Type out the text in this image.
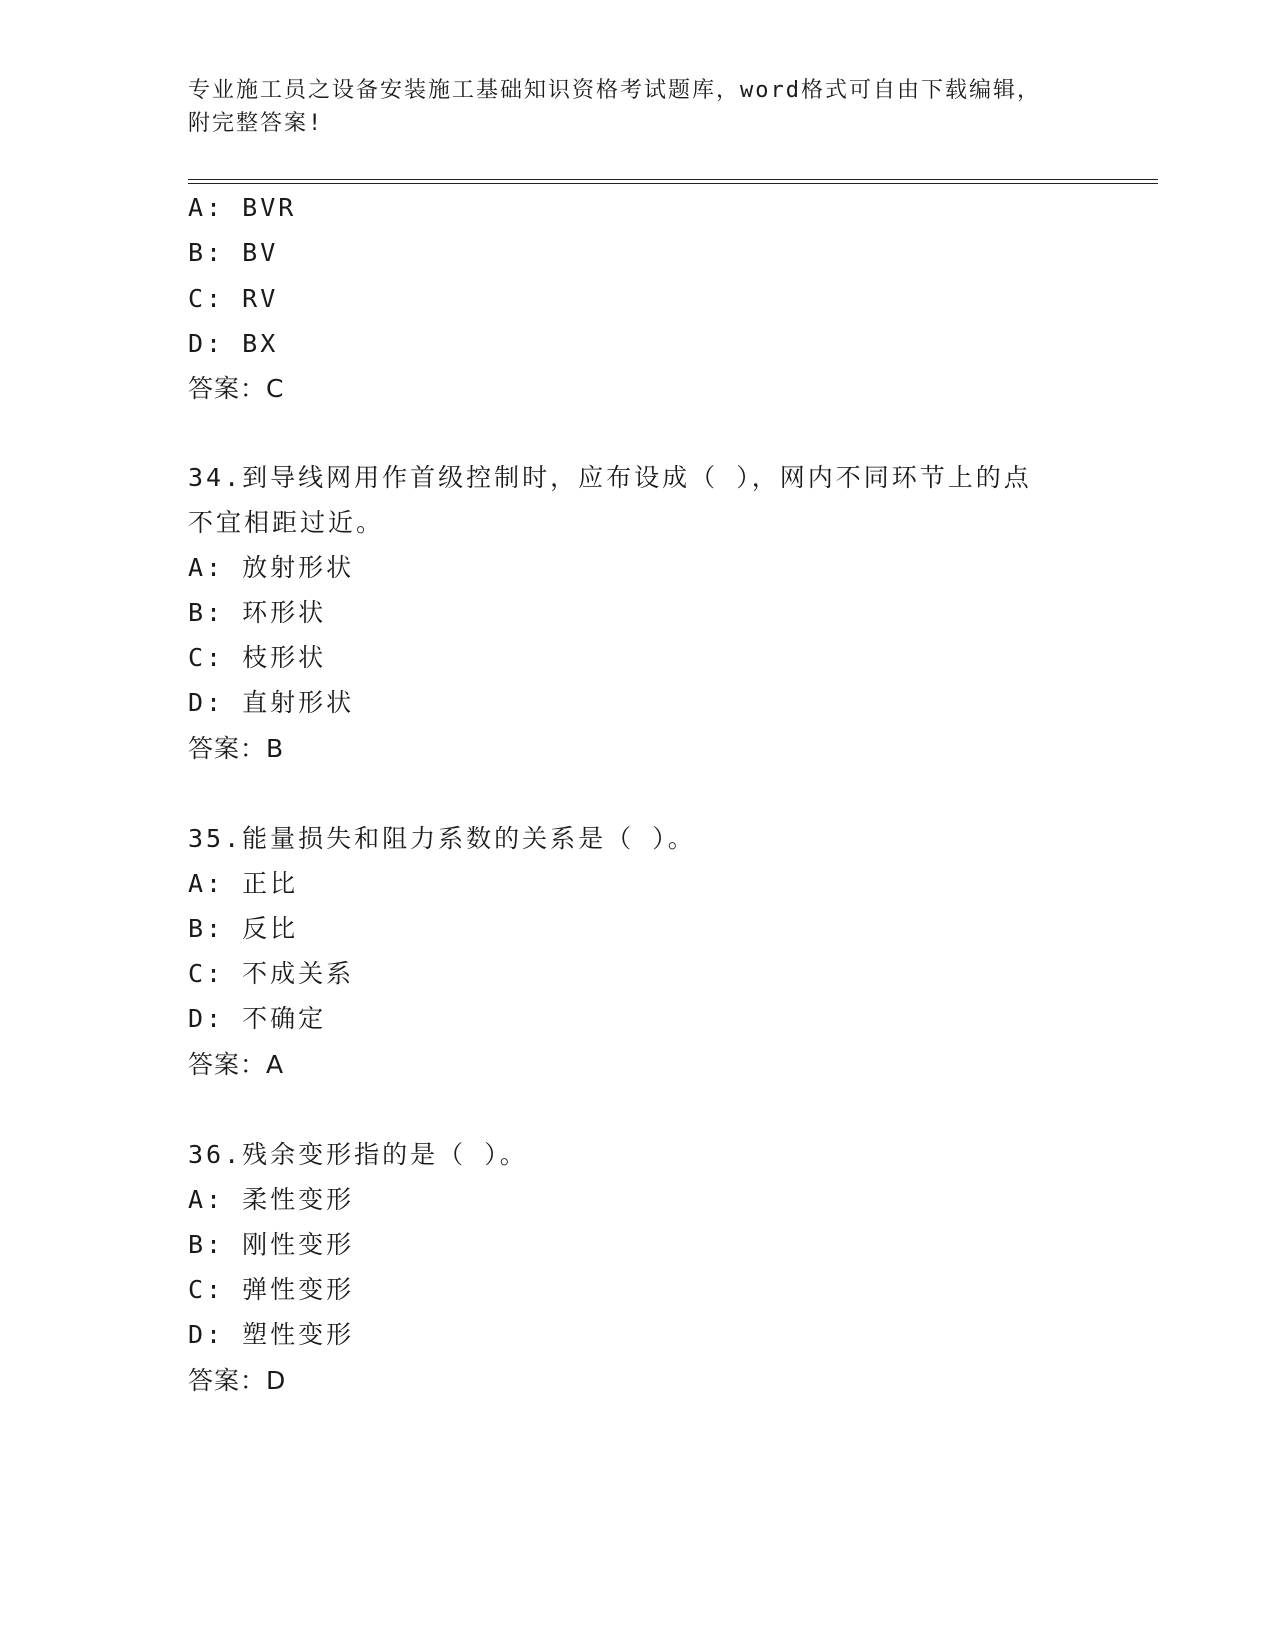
专业施工员之设备安装施工基础知识资格考试题库，word格式可自由下载编辑，
附完整答案!
A: BVR
B: BV
C: RV
D: BX
答案：C
34.到导线网用作首级控制时，应布设成（ ），网内不同环节上的点
不宜相距过近。
A: 放射形状
B: 环形状
C: 枝形状
D: 直射形状
答案：B
35.能量损失和阻力系数的关系是（ ）。
A: 正比
B: 反比
C: 不成关系
D: 不确定
答案：A
36.残余变形指的是（ ）。
A: 柔性变形
B: 刚性变形
C: 弹性变形
D: 塑性变形
答案：D
